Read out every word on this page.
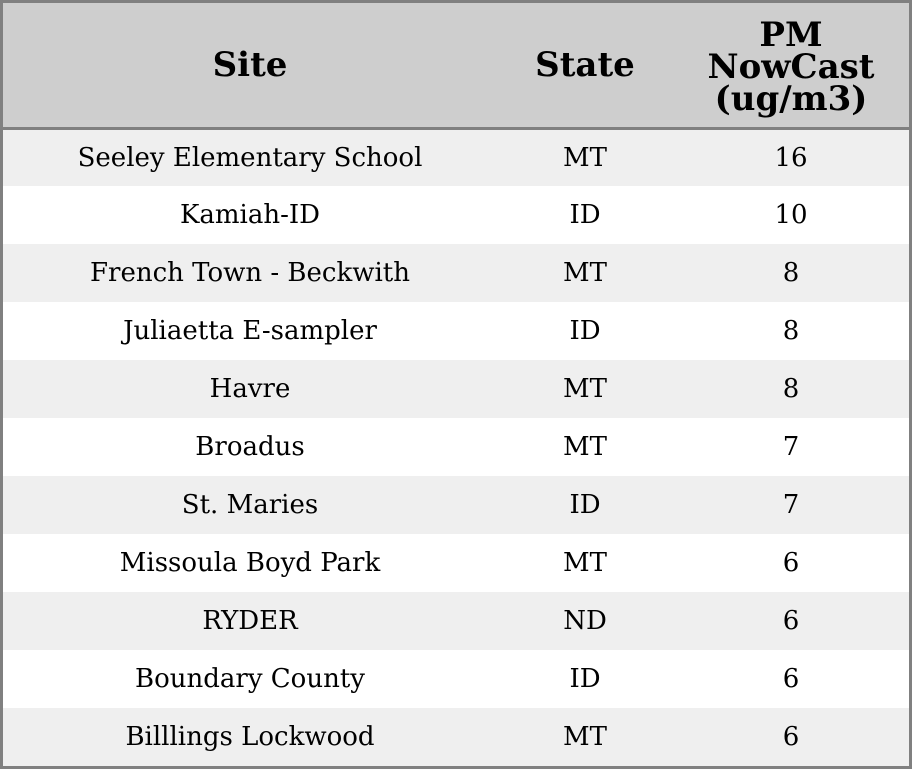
Site	State	PM
NowCast
(ug/m3)
Seeley Elementary School	MT	16
Kamiah-ID	ID	10
French Town - Beckwith	MT	8
Juliaetta E-sampler	ID	8
Havre	MT	8
Broadus	MT	7
St. Maries	ID	7
Missoula Boyd Park	MT	6
RYDER	ND	6
Boundary County	ID	6
Billlings Lockwood	MT	6
